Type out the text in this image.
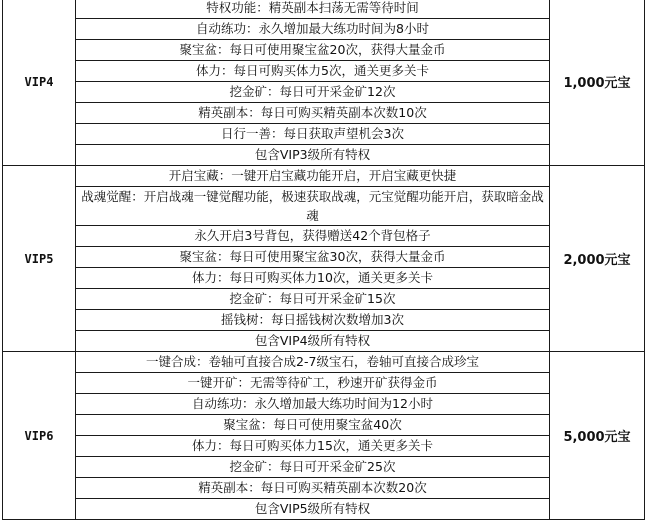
VIP4	特权功能：精英副本扫荡无需等待时间	1,000元宝
	自动练功：永久增加最大练功时间为8小时	
	聚宝盆：每日可使用聚宝盆20次，获得大量金币	
	体力：每日可购买体力5次，通关更多关卡	
	挖金矿：每日可开采金矿12次	
	精英副本：每日可购买精英副本次数10次	
	日行一善：每日获取声望机会3次	
	包含VIP3级所有特权	
VIP5	开启宝藏：一键开启宝藏功能开启，开启宝藏更快捷	2,000元宝
	战魂觉醒：开启战魂一键觉醒功能，极速获取战魂，元宝觉醒功能开启，获取暗金战魂	
	永久开启3号背包，获得赠送42个背包格子	
	聚宝盆：每日可使用聚宝盆30次，获得大量金币	
	体力：每日可购买体力10次，通关更多关卡	
	挖金矿：每日可开采金矿15次	
	摇钱树：每日摇钱树次数增加3次	
	包含VIP4级所有特权	
VIP6	一键合成：卷轴可直接合成2-7级宝石，卷轴可直接合成珍宝	5,000元宝
	一键开矿：无需等待矿工，秒速开矿获得金币	
	自动练功：永久增加最大练功时间为12小时	
	聚宝盆：每日可使用聚宝盆40次	
	体力：每日可购买体力15次，通关更多关卡	
	挖金矿：每日可开采金矿25次	
	精英副本：每日可购买精英副本次数20次	
	包含VIP5级所有特权	
